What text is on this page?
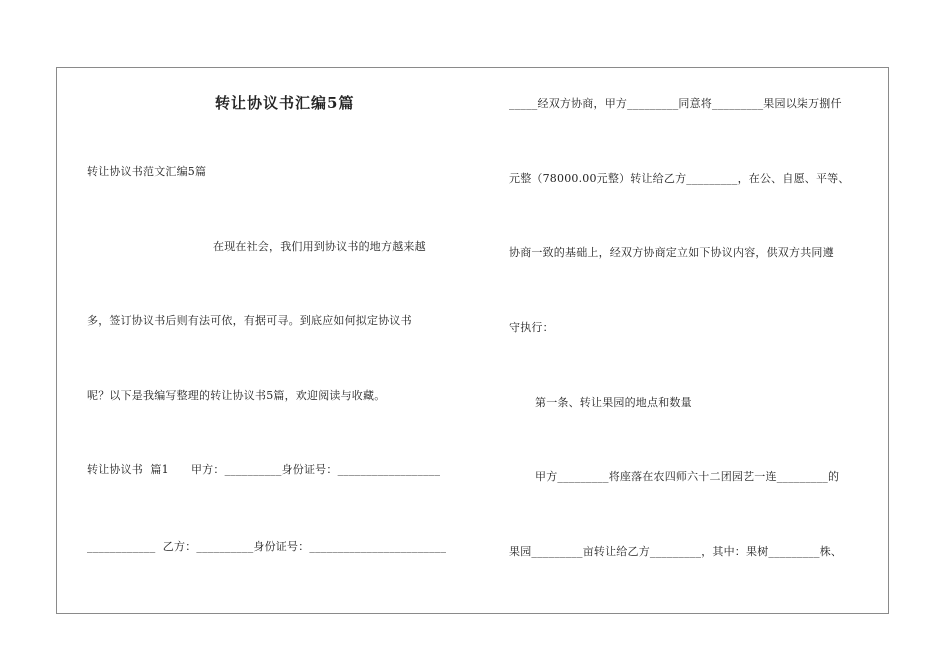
转让协议书汇编5篇
转让协议书范文汇编5篇
在现在社会，我们用到协议书的地方越来越
多，签订协议书后则有法可依，有据可寻。到底应如何拟定协议书
呢？以下是我编写整理的转让协议书5篇，欢迎阅读与收藏。
转让协议书  篇1      甲方：__________身份证号：__________________
____________  乙方：__________身份证号：________________________
_____经双方协商，甲方_________同意将_________果园以柒万捌仟
元整（78000.00元整）转让给乙方_________，在公、自愿、平等、
协商一致的基础上，经双方协商定立如下协议内容，供双方共同遵
守执行：
第一条、转让果园的地点和数量
甲方_________将座落在农四师六十二团园艺一连_________的
果园_________亩转让给乙方_________，其中：果树_________株、
